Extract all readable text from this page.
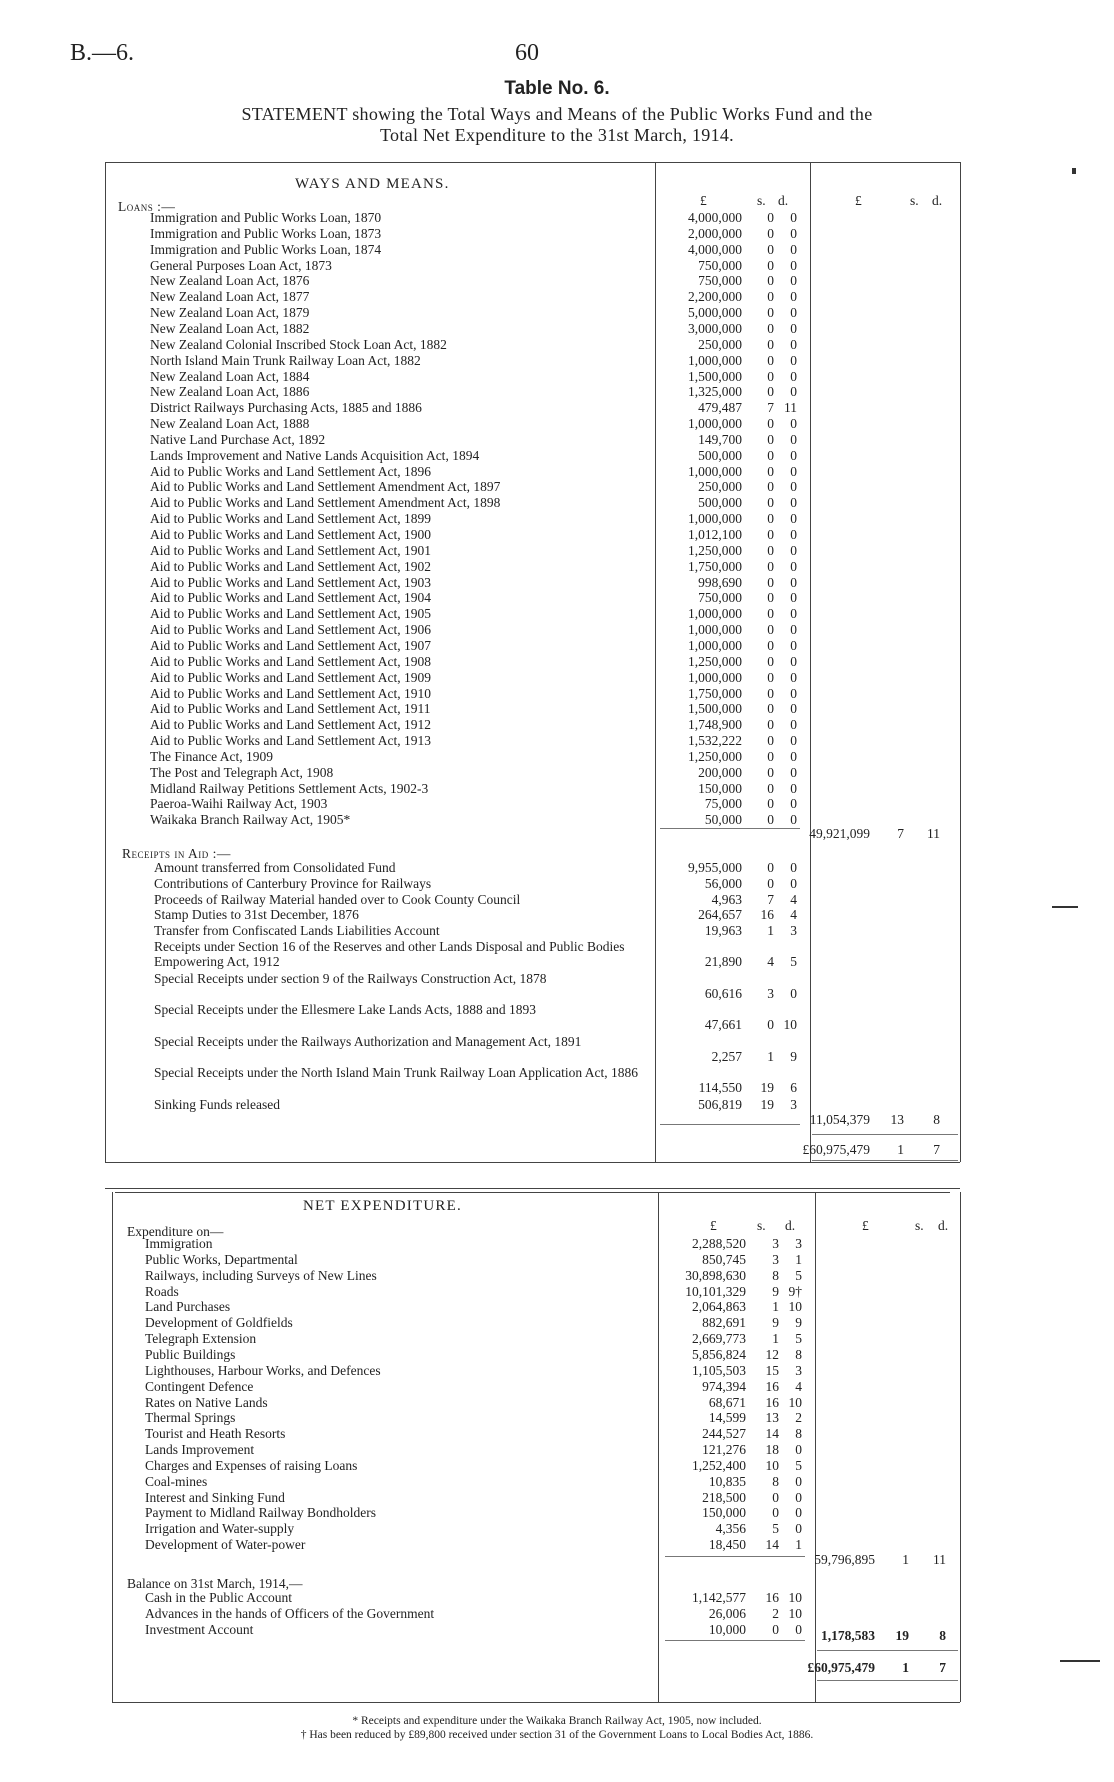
B.—6.	60
Table No. 6.
STATEMENT showing the Total Ways and Means of the Public Works Fund and the
Total Net Expenditure to the 31st March, 1914.
WAYS AND MEANS.
£	s. d.	£	s. d.
Loans :—
Immigration and Public Works Loan, 1870	4,000,000	0	0
Immigration and Public Works Loan, 1873	2,000,000	0	0
Immigration and Public Works Loan, 1874	4,000,000	0	0
General Purposes Loan Act, 1873	750,000	0	0
New Zealand Loan Act, 1876	750,000	0	0
New Zealand Loan Act, 1877	2,200,000	0	0
New Zealand Loan Act, 1879	5,000,000	0	0
New Zealand Loan Act, 1882	3,000,000	0	0
New Zealand Colonial Inscribed Stock Loan Act, 1882	250,000	0	0
North Island Main Trunk Railway Loan Act, 1882	1,000,000	0	0
New Zealand Loan Act, 1884	1,500,000	0	0
New Zealand Loan Act, 1886	1,325,000	0	0
District Railways Purchasing Acts, 1885 and 1886	479,487	7 11
New Zealand Loan Act, 1888	1,000,000	0	0
Native Land Purchase Act, 1892	149,700	0	0
Lands Improvement and Native Lands Acquisition Act, 1894	500,000	0	0
Aid to Public Works and Land Settlement Act, 1896	1,000,000	0	0
Aid to Public Works and Land Settlement Amendment Act, 1897	250,000	0	0
Aid to Public Works and Land Settlement Amendment Act, 1898	500,000	0	0
Aid to Public Works and Land Settlement Act, 1899	1,000,000	0	0
Aid to Public Works and Land Settlement Act, 1900	1,012,100	0	0
Aid to Public Works and Land Settlement Act, 1901	1,250,000	0	0
Aid to Public Works and Land Settlement Act, 1902	1,750,000	0	0
Aid to Public Works and Land Settlement Act, 1903	998,690	0	0
Aid to Public Works and Land Settlement Act, 1904	750,000	0	0
Aid to Public Works and Land Settlement Act, 1905	1,000,000	0	0
Aid to Public Works and Land Settlement Act, 1906	1,000,000	0	0
Aid to Public Works and Land Settlement Act, 1907	1,000,000	0	0
Aid to Public Works and Land Settlement Act, 1908	1,250,000	0	0
Aid to Public Works and Land Settlement Act, 1909	1,000,000	0	0
Aid to Public Works and Land Settlement Act, 1910	1,750,000	0	0
Aid to Public Works and Land Settlement Act, 1911	1,500,000	0	0
Aid to Public Works and Land Settlement Act, 1912	1,748,900	0	0
Aid to Public Works and Land Settlement Act, 1913	1,532,222	0	0
The Finance Act, 1909	1,250,000	0	0
The Post and Telegraph Act, 1908	200,000	0	0
Midland Railway Petitions Settlement Acts, 1902-3	150,000	0	0
Paeroa-Waihi Railway Act, 1903	75,000	0	0
Waikaka Branch Railway Act, 1905*	50,000	0	0
49,921,099	7	11
Receipts in Aid :—
Amount transferred from Consolidated Fund	9,955,000	0	0
Contributions of Canterbury Province for Railways	56,000	0	0
Proceeds of Railway Material handed over to Cook County Council	4,963	7	4
Stamp Duties to 31st December, 1876	264,657	16	4
Transfer from Confiscated Lands Liabilities Account	19,963	1	3
Receipts under Section 16 of the Reserves and other Lands Disposal and Public Bodies Empowering Act, 1912	21,890	4	5
Special Receipts under section 9 of the Railways Construction Act, 1878
60,616	3	0
Special Receipts under the Ellesmere Lake Lands Acts, 1888 and 1893
47,661	0 10
Special Receipts under the Railways Authorization and Management Act, 1891
2,257	1	9
Special Receipts under the North Island Main Trunk Railway Loan Application Act, 1886
114,550	19	6
Sinking Funds released	506,819	19	3
11,054,379	13	8
£60,975,479	1	7
NET EXPENDITURE.
£	s. d.	£	s. d.
Expenditure on—
Immigration	2,288,520	3	3
Public Works, Departmental	850,745	3	1
Railways, including Surveys of New Lines	30,898,630	8	5
Roads	10,101,329	9 9†
Land Purchases	2,064,863	1 10
Development of Goldfields	882,691	9	9
Telegraph Extension	2,669,773	1	5
Public Buildings	5,856,824	12	8
Lighthouses, Harbour Works, and Defences	1,105,503	15	3
Contingent Defence	974,394	16	4
Rates on Native Lands	68,671	16 10
Thermal Springs	14,599	13	2
Tourist and Heath Resorts	244,527	14	8
Lands Improvement	121,276	18	0
Charges and Expenses of raising Loans	1,252,400	10	5
Coal-mines	10,835	8	0
Interest and Sinking Fund	218,500	0	0
Payment to Midland Railway Bondholders	150,000	0	0
Irrigation and Water-supply	4,356	5	0
Development of Water-power	18,450	14	1
59,796,895	1	11
Balance on 31st March, 1914,—
Cash in the Public Account	1,142,577	16 10
Advances in the hands of Officers of the Government	26,006	2 10
Investment Account	10,000	0	0	1,178,583	19	8
£60,975,479	1	7
* Receipts and expenditure under the Waikaka Branch Railway Act, 1905, now included.
† Has been reduced by £89,800 received under section 31 of the Government Loans to Local Bodies Act, 1886.
